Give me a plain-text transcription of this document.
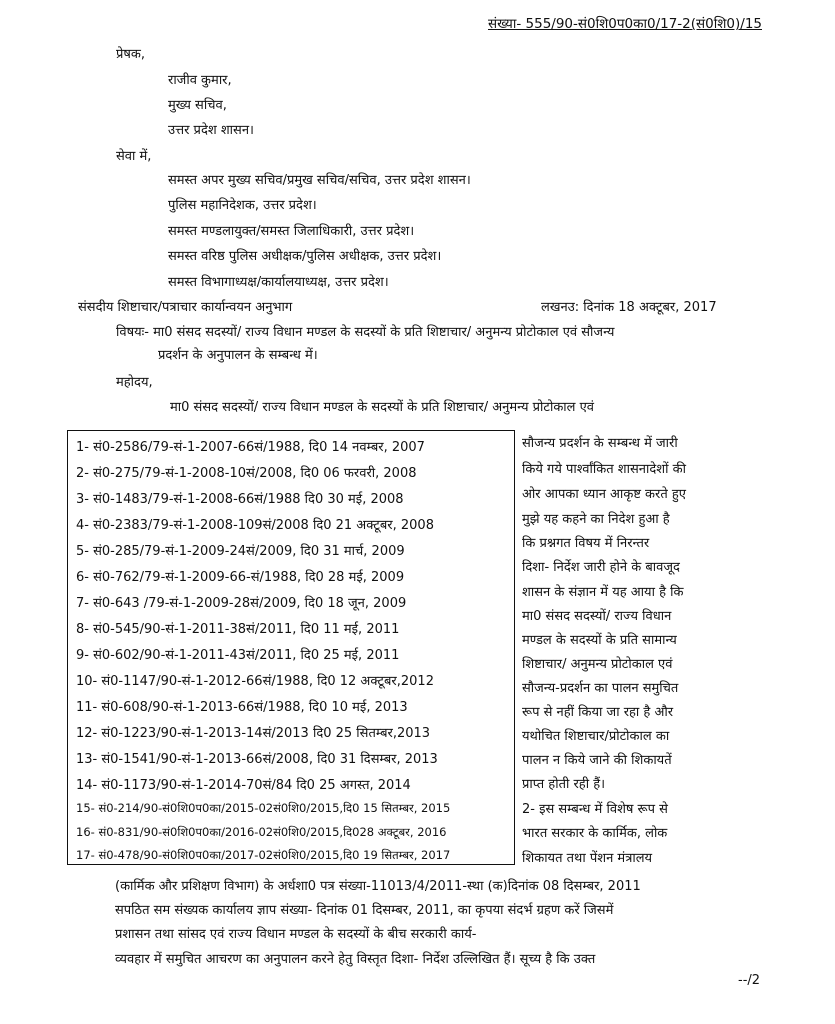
संख्या- 555/90-सं0शि0प0का0/17-2(सं0शि0)/15
प्रेषक,
राजीव कुमार,
मुख्य सचिव,
उत्तर प्रदेश शासन।
सेवा में,
समस्त अपर मुख्य सचिव/प्रमुख सचिव/सचिव, उत्तर प्रदेश शासन।
पुलिस महानिदेशक, उत्तर प्रदेश।
समस्त मण्डलायुक्त/समस्त जिलाधिकारी, उत्तर प्रदेश।
समस्त वरिष्ठ पुलिस अधीक्षक/पुलिस अधीक्षक, उत्तर प्रदेश।
समस्त विभागाध्यक्ष/कार्यालयाध्यक्ष, उत्तर प्रदेश।
संसदीय शिष्टाचार/पत्राचार कार्यान्वयन अनुभाग	लखनउ: दिनांक 18 अक्टूबर, 2017
विषयः- मा0 संसद सदस्यों/ राज्य विधान मण्डल के सदस्यों के प्रति शिष्टाचार/ अनुमन्य प्रोटोकाल एवं सौजन्य
प्रदर्शन के अनुपालन के सम्बन्ध में।
महोदय,
मा0 संसद सदस्यों/ राज्य विधान मण्डल के सदस्यों के प्रति शिष्टाचार/ अनुमन्य प्रोटोकाल एवं
1- सं0-2586/79-सं-1-2007-66सं/1988, दि0 14 नवम्बर, 2007
2- सं0-275/79-सं-1-2008-10सं/2008, दि0 06 फरवरी, 2008
3- सं0-1483/79-सं-1-2008-66सं/1988 दि0 30 मई, 2008
4- सं0-2383/79-सं-1-2008-109सं/2008 दि0 21 अक्टूबर, 2008
5- सं0-285/79-सं-1-2009-24सं/2009, दि0 31 मार्च, 2009
6- सं0-762/79-सं-1-2009-66-सं/1988, दि0 28 मई, 2009
7- सं0-643 /79-सं-1-2009-28सं/2009, दि0 18 जून, 2009
8- सं0-545/90-सं-1-2011-38सं/2011, दि0 11 मई, 2011
9- सं0-602/90-सं-1-2011-43सं/2011, दि0 25 मई, 2011
10- सं0-1147/90-सं-1-2012-66सं/1988, दि0 12 अक्टूबर,2012
11- सं0-608/90-सं-1-2013-66सं/1988, दि0 10 मई, 2013
12- सं0-1223/90-सं-1-2013-14सं/2013 दि0 25 सितम्बर,2013
13- सं0-1541/90-सं-1-2013-66सं/2008, दि0 31 दिसम्बर, 2013
14- सं0-1173/90-सं-1-2014-70सं/84 दि0 25 अगस्त, 2014
15- सं0-214/90-सं0शि0प0का/2015-02सं0शि0/2015,दि0 15 सितम्बर, 2015
16- सं0-831/90-सं0शि0प0का/2016-02सं0शि0/2015,दि028 अक्टूबर, 2016
17- सं0-478/90-सं0शि0प0का/2017-02सं0शि0/2015,दि0 19 सितम्बर, 2017
सौजन्य प्रदर्शन के सम्बन्ध में जारी
किये गये पार्श्वांकित शासनादेशों की
ओर आपका ध्यान आकृष्ट करते हुए
मुझे यह कहने का निदेश हुआ है
कि प्रश्नगत विषय में निरन्तर
दिशा- निर्देश जारी होने के बावजूद
शासन के संज्ञान में यह आया है कि
मा0 संसद सदस्यों/ राज्य विधान
मण्डल के सदस्यों के प्रति सामान्य
शिष्टाचार/ अनुमन्य प्रोटोकाल एवं
सौजन्य-प्रदर्शन का पालन समुचित
रूप से नहीं किया जा रहा है और
यथोचित शिष्टाचार/प्रोटोकाल का
पालन न किये जाने की शिकायतें
प्राप्त होती रही हैं।
2- इस सम्बन्ध में विशेष रूप से
भारत सरकार के कार्मिक, लोक
शिकायत तथा पेंशन मंत्रालय
(कार्मिक और प्रशिक्षण विभाग) के अर्धशा0 पत्र संख्या-11013/4/2011-स्था (क)दिनांक 08 दिसम्बर, 2011
सपठित सम संख्यक कार्यालय ज्ञाप संख्या- दिनांक 01 दिसम्बर, 2011, का कृपया संदर्भ ग्रहण करें जिसमें
प्रशासन तथा सांसद एवं राज्य विधान मण्डल के सदस्यों के बीच सरकारी कार्य-
व्यवहार में समुचित आचरण का अनुपालन करने हेतु विस्तृत दिशा- निर्देश उल्लिखित हैं। सूच्य है कि उक्त
--/2
